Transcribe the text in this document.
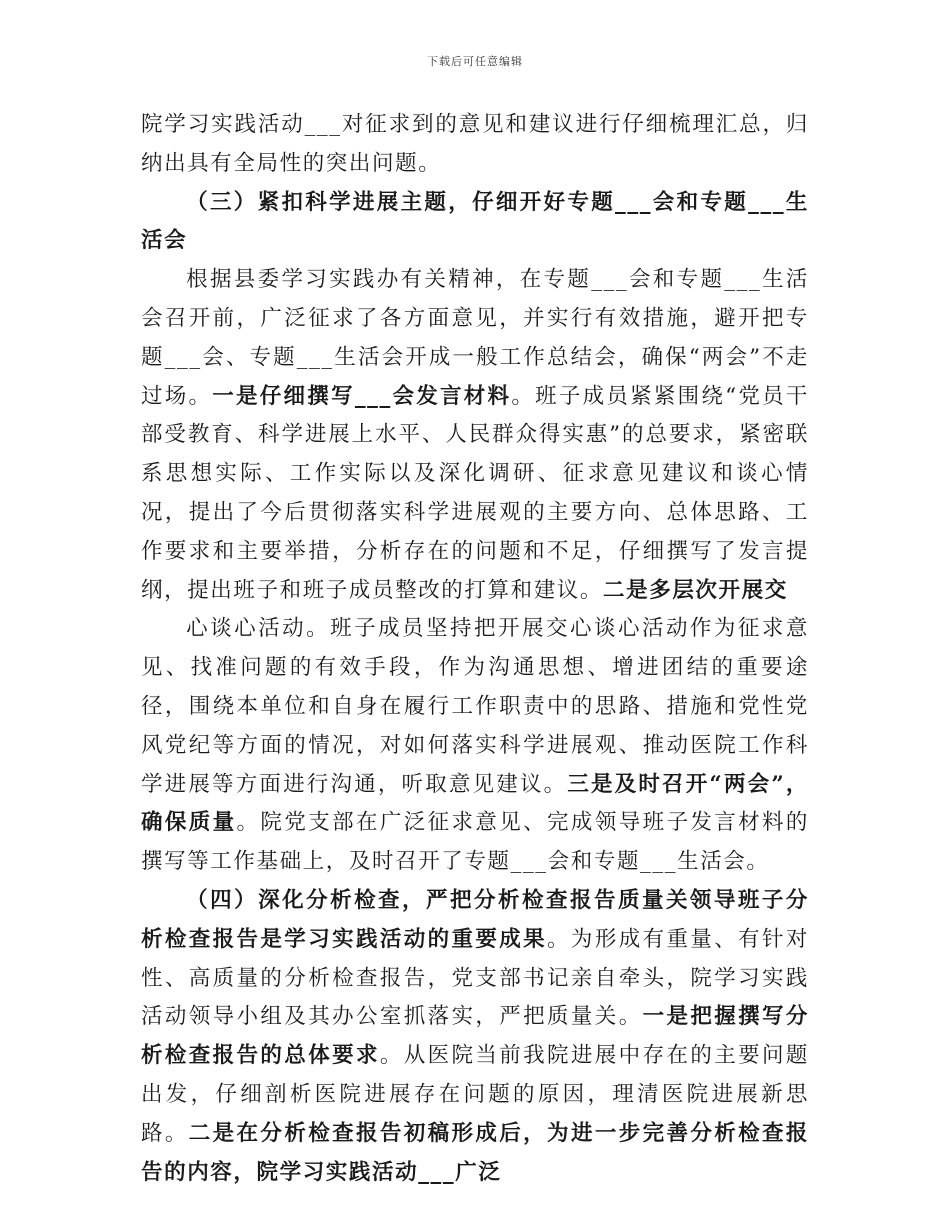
下载后可任意编辑

院学习实践活动___对征求到的意见和建议进行仔细梳理汇总，归纳出具有全局性的突出问题。

（三）紧扣科学进展主题，仔细开好专题___会和专题___生活会

根据县委学习实践办有关精神，在专题___会和专题___生活会召开前，广泛征求了各方面意见，并实行有效措施，避开把专题___会、专题___生活会开成一般工作总结会，确保“两会”不走过场。一是仔细撰写___会发言材料。班子成员紧紧围绕“党员干部受教育、科学进展上水平、人民群众得实惠”的总要求，紧密联系思想实际、工作实际以及深化调研、征求意见建议和谈心情况，提出了今后贯彻落实科学进展观的主要方向、总体思路、工作要求和主要举措，分析存在的问题和不足，仔细撰写了发言提纲，提出班子和班子成员整改的打算和建议。二是多层次开展交

心谈心活动。班子成员坚持把开展交心谈心活动作为征求意见、找准问题的有效手段，作为沟通思想、增进团结的重要途径，围绕本单位和自身在履行工作职责中的思路、措施和党性党风党纪等方面的情况，对如何落实科学进展观、推动医院工作科学进展等方面进行沟通，听取意见建议。三是及时召开“两会”，确保质量。院党支部在广泛征求意见、完成领导班子发言材料的撰写等工作基础上，及时召开了专题___会和专题___生活会。

（四）深化分析检查，严把分析检查报告质量关领导班子分析检查报告是学习实践活动的重要成果。为形成有重量、有针对性、高质量的分析检查报告，党支部书记亲自牵头，院学习实践活动领导小组及其办公室抓落实，严把质量关。一是把握撰写分析检查报告的总体要求。从医院当前我院进展中存在的主要问题出发，仔细剖析医院进展存在问题的原因，理清医院进展新思路。二是在分析检查报告初稿形成后，为进一步完善分析检查报告的内容，院学习实践活动___广泛
